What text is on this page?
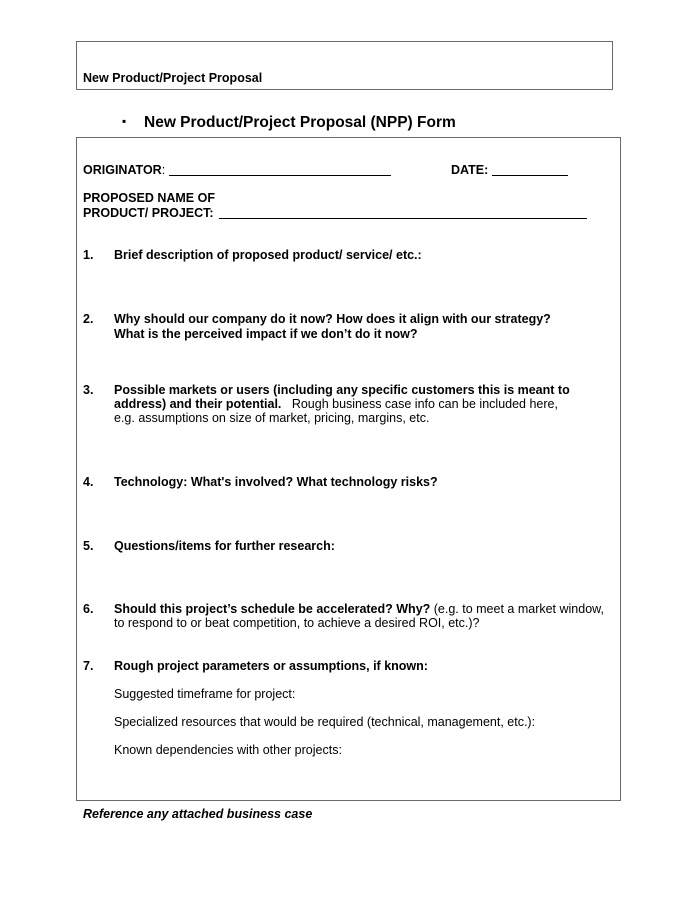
New Product/Project Proposal
▪ New Product/Project Proposal (NPP) Form
ORIGINATOR:	DATE:
PROPOSED NAME OF
PRODUCT/ PROJECT:
1. Brief description of proposed product/ service/ etc.:
2. Why should our company do it now? How does it align with our strategy?
What is the perceived impact if we don’t do it now?
3. Possible markets or users (including any specific customers this is meant to
address) and their potential. Rough business case info can be included here,
e.g. assumptions on size of market, pricing, margins, etc.
4. Technology: What's involved? What technology risks?
5. Questions/items for further research:
6. Should this project’s schedule be accelerated? Why? (e.g. to meet a market window,
to respond to or beat competition, to achieve a desired ROI, etc.)?
7. Rough project parameters or assumptions, if known:
Suggested timeframe for project:
Specialized resources that would be required (technical, management, etc.):
Known dependencies with other projects:
Reference any attached business case
